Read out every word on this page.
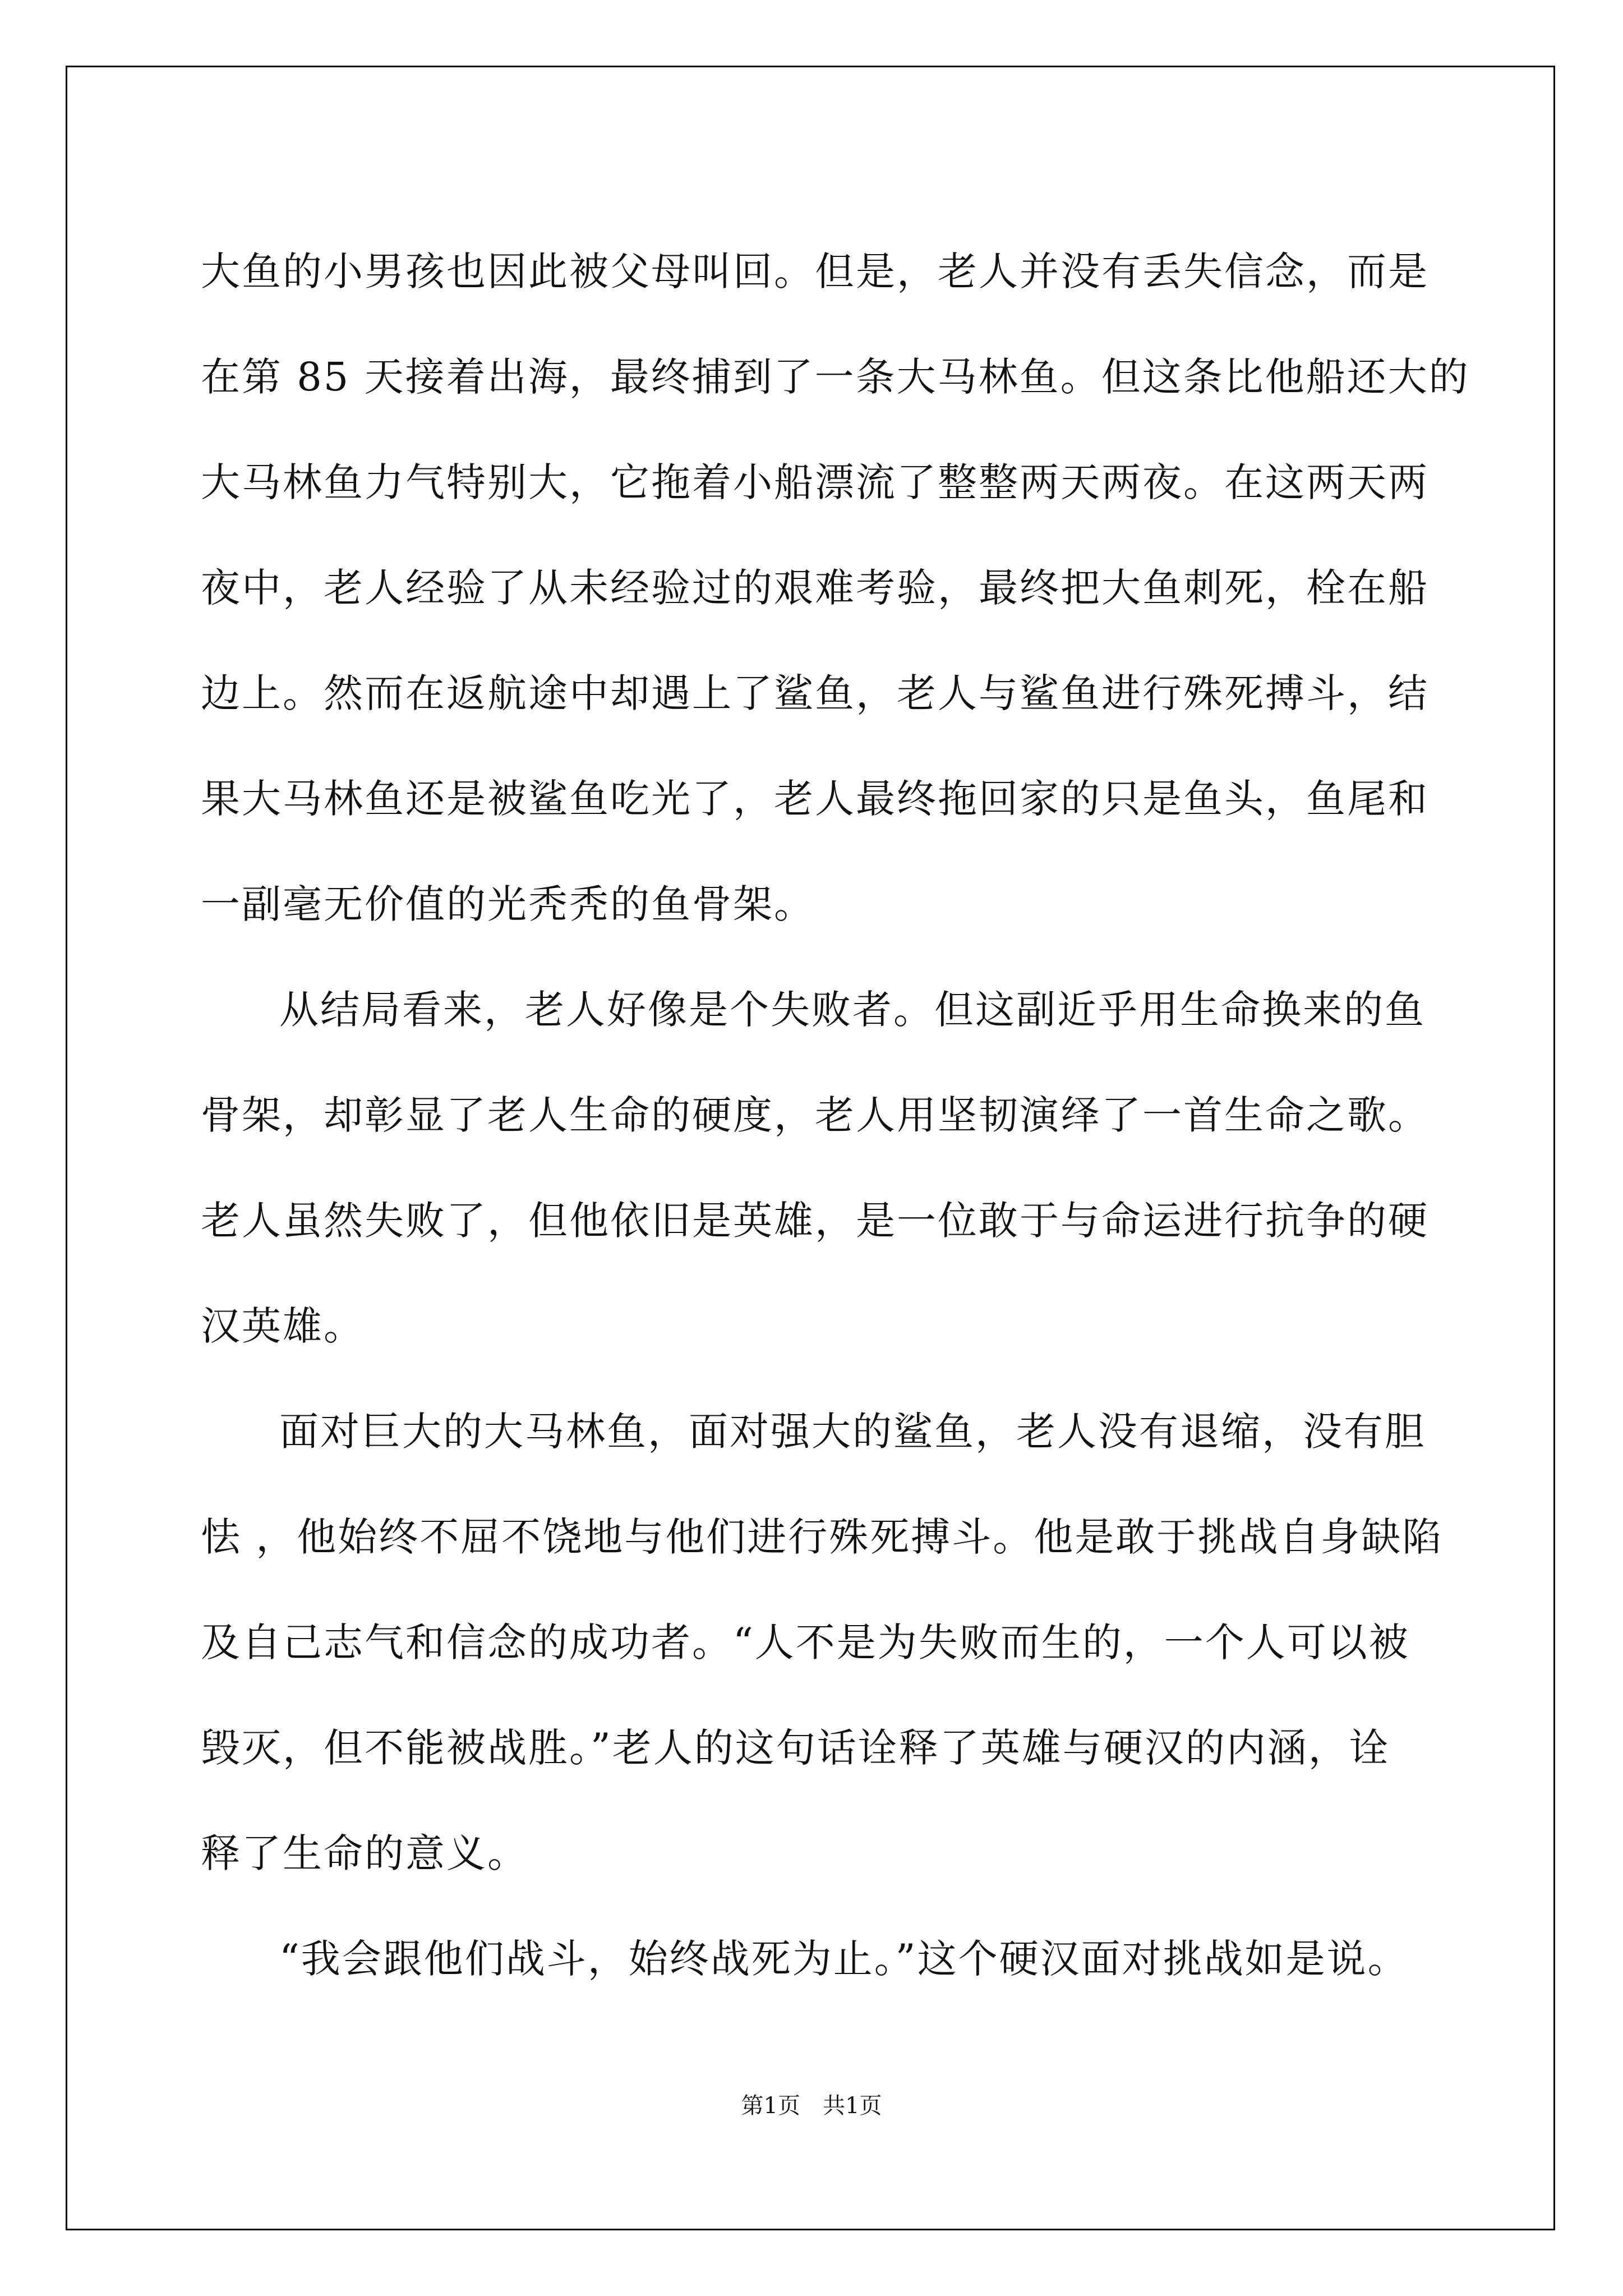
大鱼的小男孩也因此被父母叫回。但是，老人并没有丢失信念，而是
在第 85 天接着出海，最终捕到了一条大马林鱼。但这条比他船还大的
大马林鱼力气特别大，它拖着小船漂流了整整两天两夜。在这两天两
夜中，老人经验了从未经验过的艰难考验，最终把大鱼刺死，栓在船
边上。然而在返航途中却遇上了鲨鱼，老人与鲨鱼进行殊死搏斗，结
果大马林鱼还是被鲨鱼吃光了，老人最终拖回家的只是鱼头，鱼尾和
一副毫无价值的光秃秃的鱼骨架。
从结局看来，老人好像是个失败者。但这副近乎用生命换来的鱼
骨架，却彰显了老人生命的硬度，老人用坚韧演绎了一首生命之歌。
老人虽然失败了，但他依旧是英雄，是一位敢于与命运进行抗争的硬
汉英雄。
面对巨大的大马林鱼，面对强大的鲨鱼，老人没有退缩，没有胆
怯 ，他始终不屈不饶地与他们进行殊死搏斗。他是敢于挑战自身缺陷
及自己志气和信念的成功者。“人不是为失败而生的，一个人可以被
毁灭，但不能被战胜。”老人的这句话诠释了英雄与硬汉的内涵，诠
释了生命的意义。
“我会跟他们战斗，始终战死为止。”这个硬汉面对挑战如是说。
第1页 共1页
